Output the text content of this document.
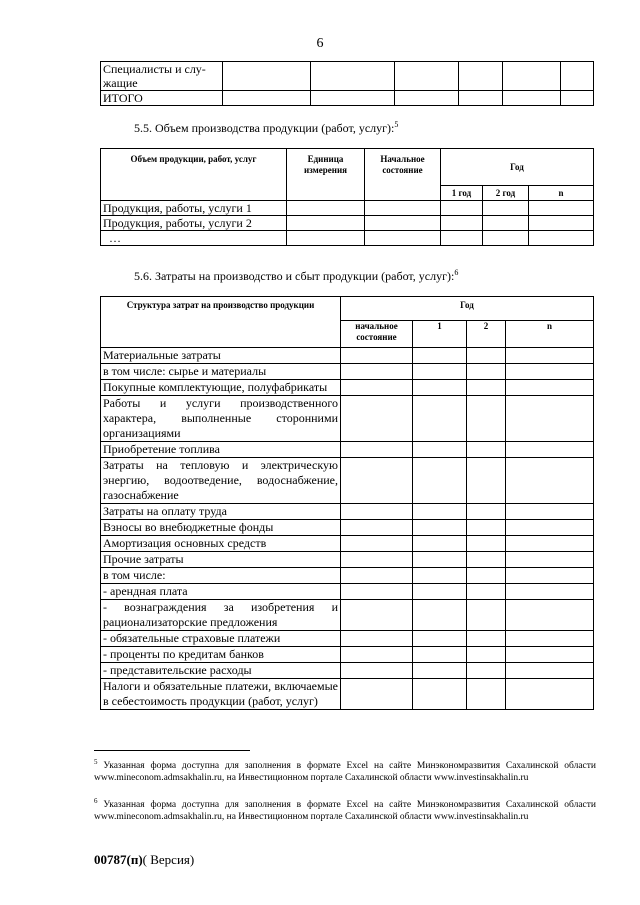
6
Специалисты и слу-
жащие						
ИТОГО						
5.5. Объем производства продукции (работ, услуг):$^5$
Объем продукции, работ, услуг	Единица измерения	Начальное состояние	Год		
			1 год	2 год	n
Продукция, работы, услуги 1					
Продукция, работы, услуги 2					
…					
5.6. Затраты на производство и сбыт продукции (работ, услуг):$^6$
Структура затрат на производство продукции	Год			
	начальное состояние	1	2	n
Материальные затраты				
в том числе: сырье и материалы				
Покупные комплектующие, полуфабрикаты				
Работы и услуги производственного характера, выполненные сторонними организациями				
Приобретение топлива				
Затраты на тепловую и электрическую энергию, водоотведение, водоснабжение, газоснабжение				
Затраты на оплату труда				
Взносы во внебюджетные фонды				
Амортизация основных средств				
Прочие затраты				
в том числе:				
- арендная плата				
- вознаграждения за изобретения и рационализаторские предложения				
- обязательные страховые платежи				
- проценты по кредитам банков				
- представительские расходы				
Налоги и обязательные платежи, включаемые в себестоимость продукции (работ, услуг)				
$^5$ Указанная форма доступна для заполнения в формате Excel на сайте Минэкономразвития Сахалинской области www.mineconom.admsakhalin.ru, на Инвестиционном портале Сахалинской области www.investinsakhalin.ru
$^6$ Указанная форма доступна для заполнения в формате Excel на сайте Минэкономразвития Сахалинской области www.mineconom.admsakhalin.ru, на Инвестиционном портале Сахалинской области www.investinsakhalin.ru
00787(п)( Версия)
